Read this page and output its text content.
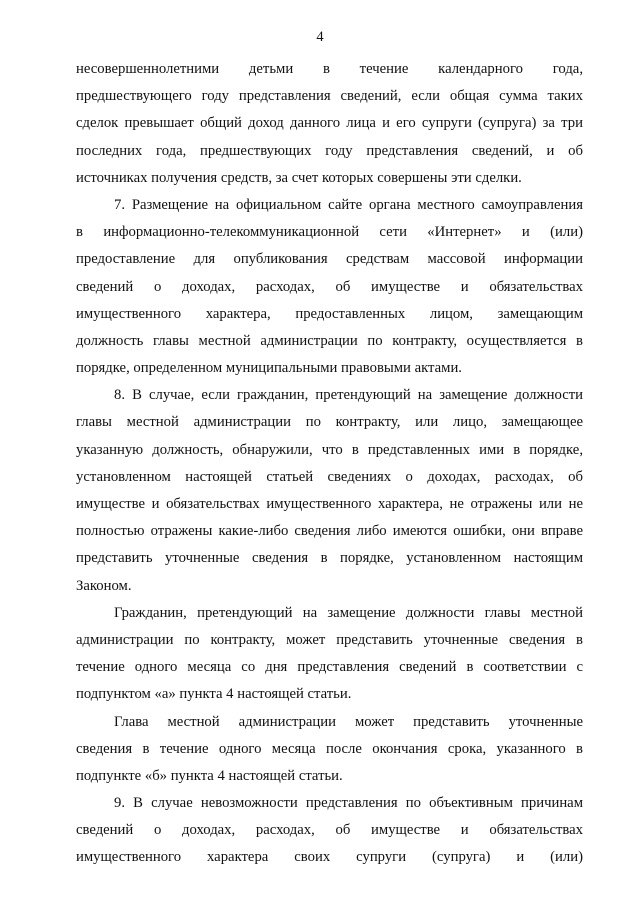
4
несовершеннолетними детьми в течение календарного года,
предшествующего году представления сведений, если общая сумма таких
сделок превышает общий доход данного лица и его супруги (супруга) за три
последних года, предшествующих году представления сведений, и об
источниках получения средств, за счет которых совершены эти сделки.
7. Размещение на официальном сайте органа местного самоуправления
в информационно-телекоммуникационной сети «Интернет» и (или)
предоставление для опубликования средствам массовой информации
сведений о доходах, расходах, об имуществе и обязательствах
имущественного характера, предоставленных лицом, замещающим
должность главы местной администрации по контракту, осуществляется в
порядке, определенном муниципальными правовыми актами.
8. В случае, если гражданин, претендующий на замещение должности
главы местной администрации по контракту, или лицо, замещающее
указанную должность, обнаружили, что в представленных ими в порядке,
установленном настоящей статьей сведениях о доходах, расходах, об
имуществе и обязательствах имущественного характера, не отражены или не
полностью отражены какие-либо сведения либо имеются ошибки, они вправе
представить уточненные сведения в порядке, установленном настоящим
Законом.
Гражданин, претендующий на замещение должности главы местной
администрации по контракту, может представить уточненные сведения в
течение одного месяца со дня представления сведений в соответствии с
подпунктом «а» пункта 4 настоящей статьи.
Глава местной администрации может представить уточненные
сведения в течение одного месяца после окончания срока, указанного в
подпункте «б» пункта 4 настоящей статьи.
9. В случае невозможности представления по объективным причинам
сведений о доходах, расходах, об имуществе и обязательствах
имущественного характера своих супруги (супруга) и (или)
